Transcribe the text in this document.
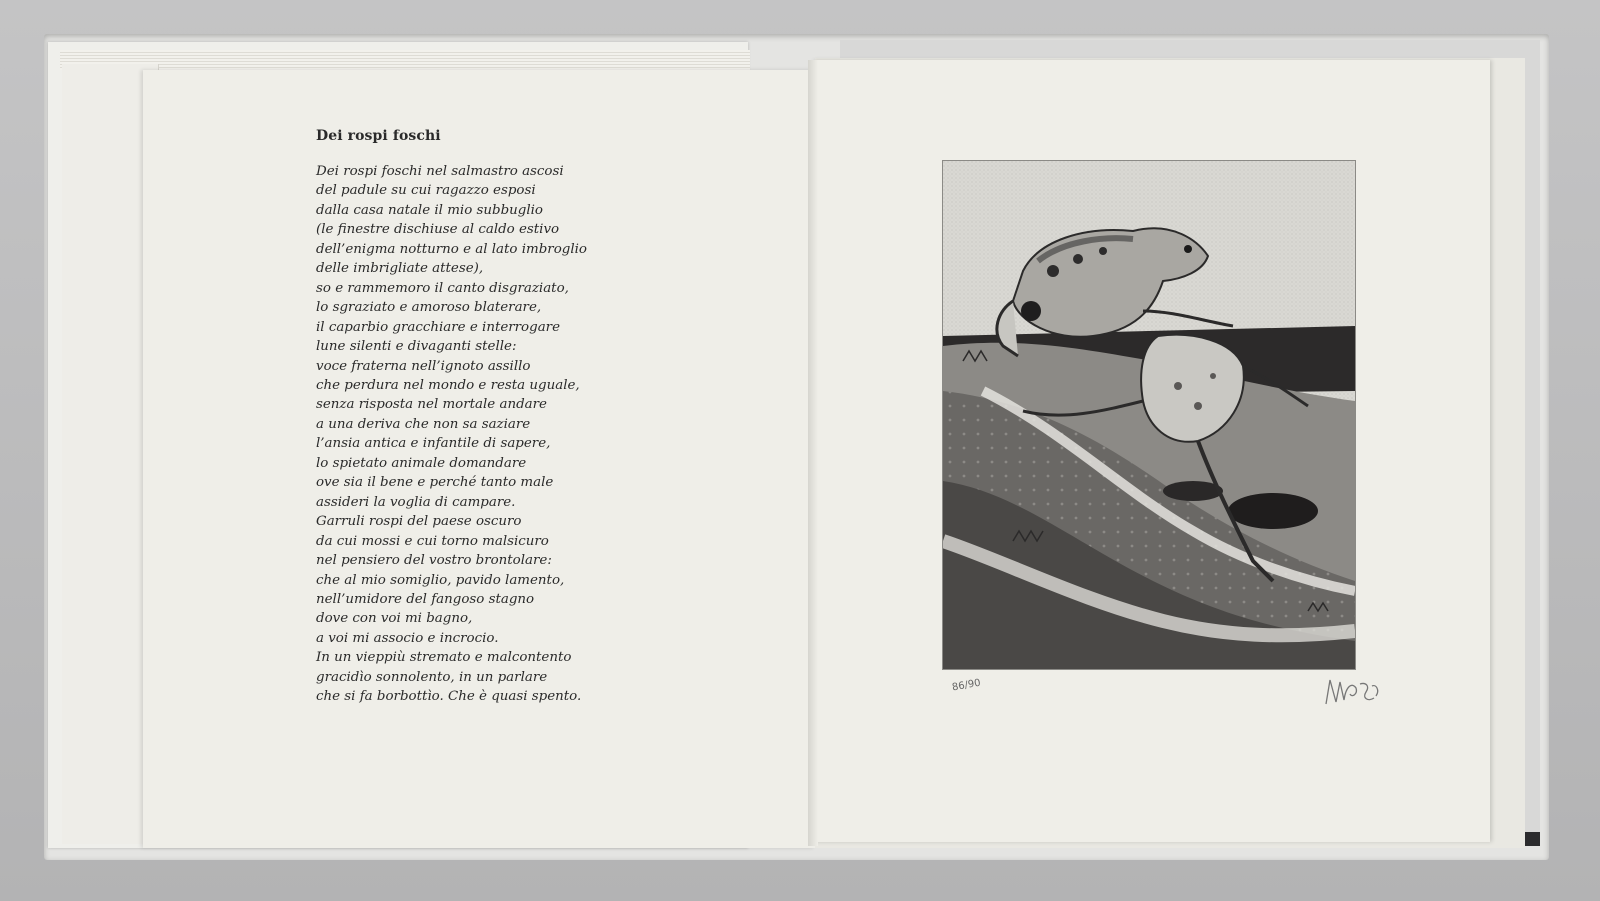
Dei rospi foschi
Dei rospi foschi nel salmastro ascosi
del padule su cui ragazzo esposi
dalla casa natale il mio subbuglio
(le finestre dischiuse al caldo estivo
dell’enigma notturno e al lato imbroglio
delle imbrigliate attese),
so e rammemoro il canto disgraziato,
lo sgraziato e amoroso blaterare,
il caparbio gracchiare e interrogare
lune silenti e divaganti stelle:
voce fraterna nell’ignoto assillo
che perdura nel mondo e resta uguale,
senza risposta nel mortale andare
a una deriva che non sa saziare
l’ansia antica e infantile di sapere,
lo spietato animale domandare
ove sia il bene e perché tanto male
assideri la voglia di campare.
Garruli rospi del paese oscuro
da cui mossi e cui torno malsicuro
nel pensiero del vostro brontolare:
che al mio somiglio, pavido lamento,
nell’umidore del fangoso stagno
dove con voi mi bagno,
a voi mi associo e incrocio.
In un vieppiù stremato e malcontento
gracidìo sonnolento, in un parlare
che si fa borbottìo. Che è quasi spento.
86/90
